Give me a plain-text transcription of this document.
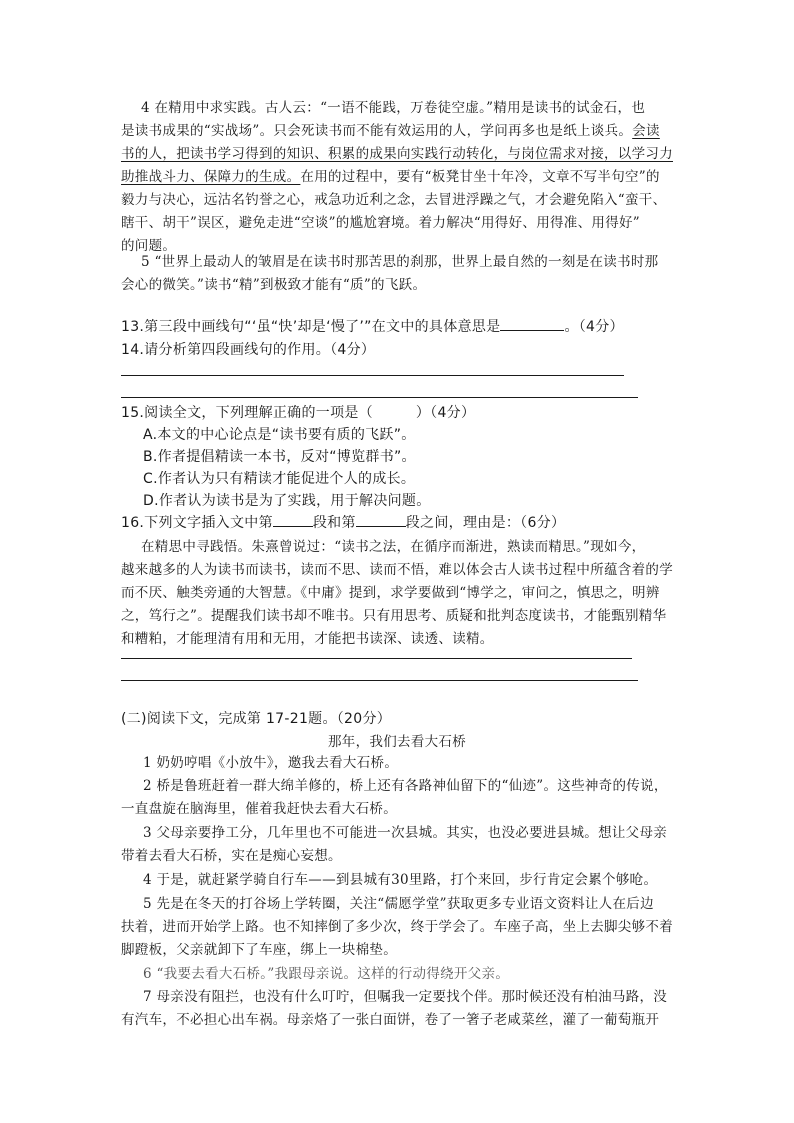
4 在精用中求实践。古人云：“一语不能践，万卷徒空虚。”精用是读书的试金石，也

是读书成果的“实战场”。只会死读书而不能有效运用的人，学问再多也是纸上谈兵。会读

书的人，把读书学习得到的知识、积累的成果向实践行动转化，与岗位需求对接，以学习力

助推战斗力、保障力的生成。在用的过程中，要有“板凳甘坐十年冷，文章不写半句空”的

毅力与决心，远沽名钓誉之心，戒急功近利之念，去冒进浮躁之气，才会避免陷入“蛮干、

瞎干、胡干”误区，避免走进“空谈”的尴尬窘境。着力解决“用得好、用得准、用得好”

的问题。

5 “世界上最动人的皱眉是在读书时那苦思的刹那，世界上最自然的一刻是在读书时那

会心的微笑。”读书“精”到极致才能有“质”的飞跃。

13.第三段中画线句“‘虽“快’却是‘慢了’”在文中的具体意思是	。（4分）

14.请分析第四段画线句的作用。（4分）

15.阅读全文，下列理解正确的一项是（　　　）（4分）

A.本文的中心论点是“读书要有质的飞跃”。

B.作者提倡精读一本书，反对“博览群书”。

C.作者认为只有精读才能促进个人的成长。

D.作者认为读书是为了实践，用于解决问题。

16.下列文字插入文中第	段和第	段之间，理由是：（6分）

在精思中寻践悟。朱熹曾说过：“读书之法，在循序而渐进，熟读而精思。”现如今，

越来越多的人为读书而读书，读而不思、读而不悟，难以体会古人读书过程中所蕴含着的学

而不厌、触类旁通的大智慧。《中庸》提到，求学要做到“博学之，审问之，慎思之，明辨

之，笃行之”。提醒我们读书却不唯书。只有用思考、质疑和批判态度读书，才能甄别精华

和糟粕，才能理清有用和无用，才能把书读深、读透、读精。

(二)阅读下文，完成第 17-21题。（20分）

那年，我们去看大石桥

1 奶奶哼唱《小放牛》，邀我去看大石桥。

2 桥是鲁班赶着一群大绵羊修的，桥上还有各路神仙留下的“仙迹”。这些神奇的传说，

一直盘旋在脑海里，催着我赶快去看大石桥。

3 父母亲要挣工分，几年里也不可能进一次县城。其实，也没必要进县城。想让父母亲

带着去看大石桥，实在是痴心妄想。

4 于是，就赶紧学骑自行车——到县城有30里路，打个来回，步行肯定会累个够呛。

5 先是在冬天的打谷场上学转圈，关注“儒愿学堂”获取更多专业语文资料让人在后边

扶着，进而开始学上路。也不知摔倒了多少次，终于学会了。车座子高，坐上去脚尖够不着

脚蹬板，父亲就卸下了车座，绑上一块棉垫。

6 “我要去看大石桥。”我跟母亲说。这样的行动得绕开父亲。

7 母亲没有阻拦，也没有什么叮咛，但嘱我一定要找个伴。那时候还没有柏油马路，没

有汽车，不必担心出车祸。母亲烙了一张白面饼，卷了一箸子老咸菜丝，灌了一葡萄瓶开
